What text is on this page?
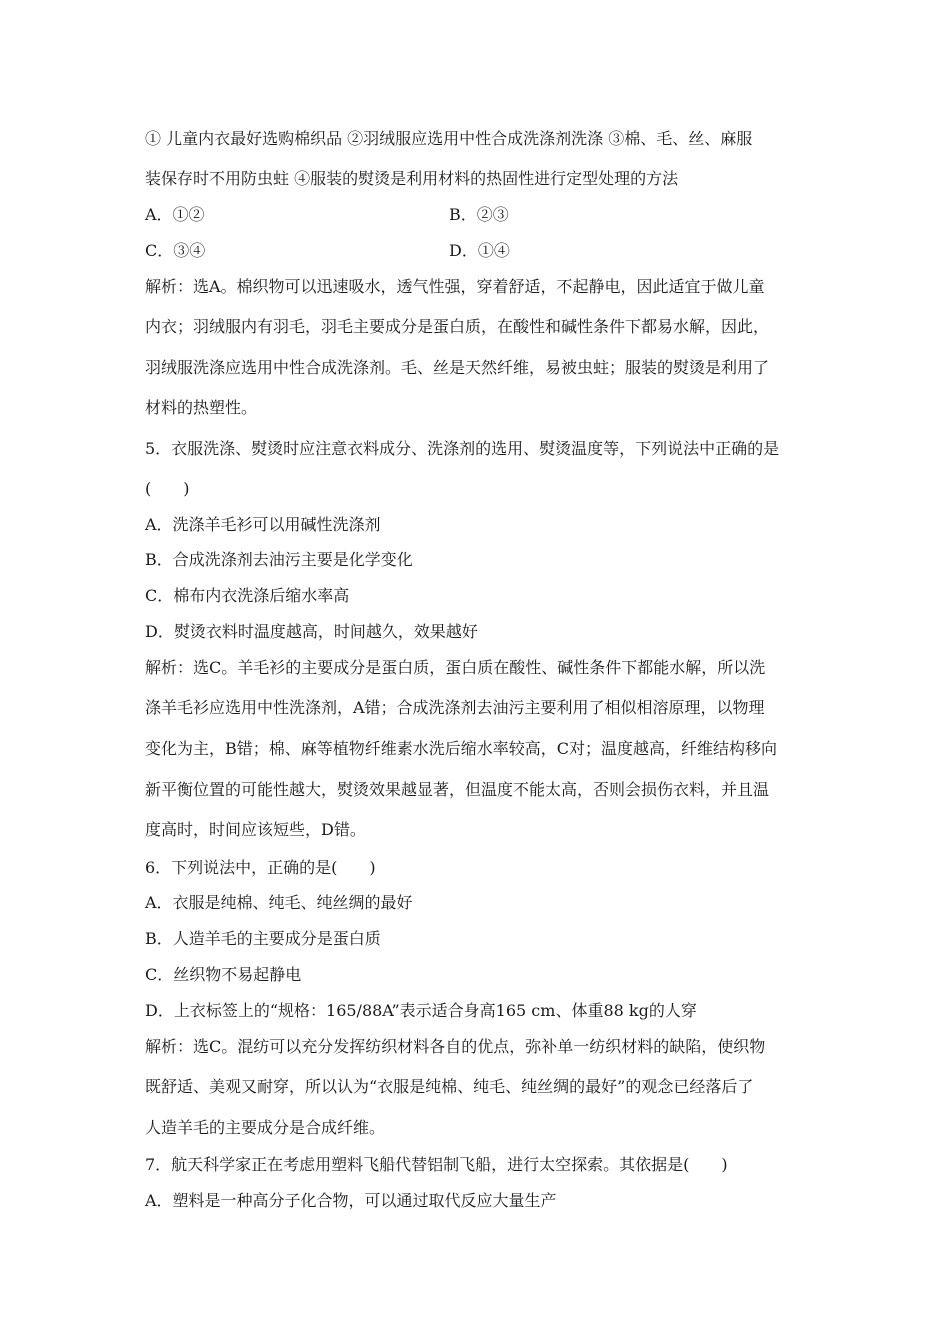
① 儿童内衣最好选购棉织品 ②羽绒服应选用中性合成洗涤剂洗涤 ③棉、毛、丝、麻服
装保存时不用防虫蛀 ④服装的熨烫是利用材料的热固性进行定型处理的方法
A．①②	B．②③
C．③④	D．①④
解析：选A。棉织物可以迅速吸水，透气性强，穿着舒适，不起静电，因此适宜于做儿童
内衣；羽绒服内有羽毛，羽毛主要成分是蛋白质，在酸性和碱性条件下都易水解，因此，
羽绒服洗涤应选用中性合成洗涤剂。毛、丝是天然纤维，易被虫蛀；服装的熨烫是利用了
材料的热塑性。
5．衣服洗涤、熨烫时应注意衣料成分、洗涤剂的选用、熨烫温度等，下列说法中正确的是
(　　)
A．洗涤羊毛衫可以用碱性洗涤剂
B．合成洗涤剂去油污主要是化学变化
C．棉布内衣洗涤后缩水率高
D．熨烫衣料时温度越高，时间越久，效果越好
解析：选C。羊毛衫的主要成分是蛋白质，蛋白质在酸性、碱性条件下都能水解，所以洗
涤羊毛衫应选用中性洗涤剂，A错；合成洗涤剂去油污主要利用了相似相溶原理，以物理
变化为主，B错；棉、麻等植物纤维素水洗后缩水率较高，C对；温度越高，纤维结构移向
新平衡位置的可能性越大，熨烫效果越显著，但温度不能太高，否则会损伤衣料，并且温
度高时，时间应该短些，D错。
6．下列说法中，正确的是(　　)
A．衣服是纯棉、纯毛、纯丝绸的最好
B．人造羊毛的主要成分是蛋白质
C．丝织物不易起静电
D．上衣标签上的“规格：165/88A”表示适合身高165 cm、体重88 kg的人穿
解析：选C。混纺可以充分发挥纺织材料各自的优点，弥补单一纺织材料的缺陷，使织物
既舒适、美观又耐穿，所以认为“衣服是纯棉、纯毛、纯丝绸的最好”的观念已经落后了
人造羊毛的主要成分是合成纤维。
7．航天科学家正在考虑用塑料飞船代替铝制飞船，进行太空探索。其依据是(　　)
A．塑料是一种高分子化合物，可以通过取代反应大量生产
